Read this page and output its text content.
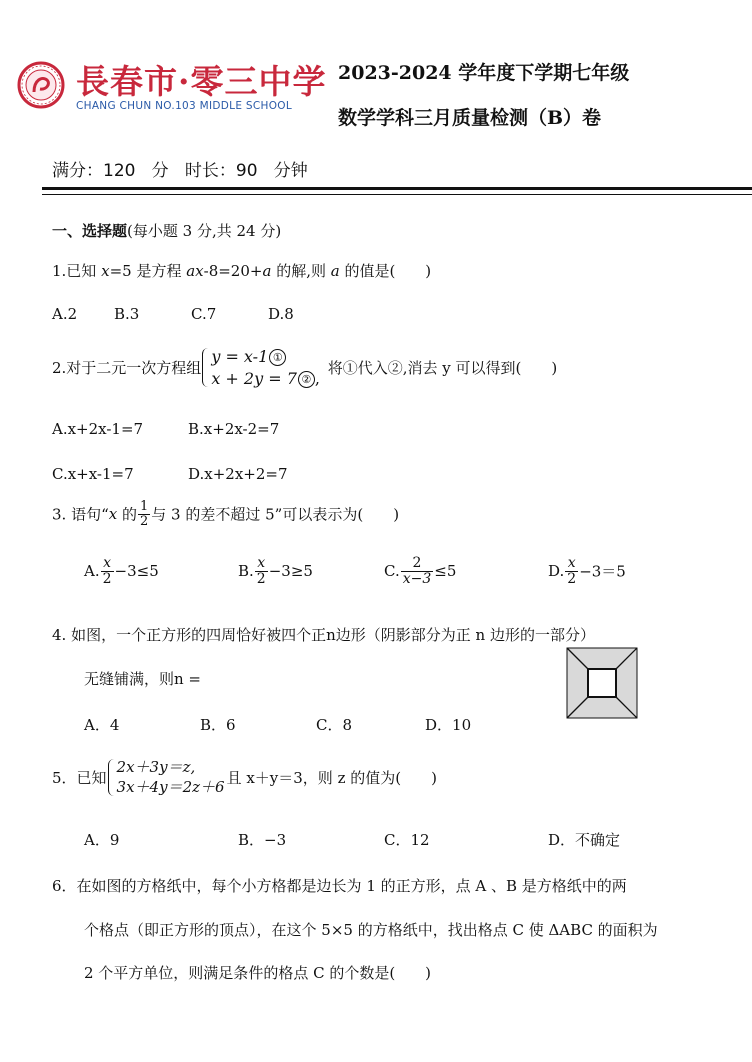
長春市·零三中学
CHANG CHUN NO.103 MIDDLE SCHOOL
2023-2024 学年度下学期七年级
数学学科三月质量检测（B）卷
满分：120 分 时长：90 分钟
一、选择题(每小题 3 分,共 24 分)
1.已知 x=5 是方程 ax-8=20+a 的解,则 a 的值是(　　)
A.2 B.3	C.7	D.8
2.对于二元一次方程组
y = x-1 ①
x + 2y = 7 ② ,
将①代入②,消去 y 可以得到(　　)
A.x+2x-1=7	B.x+2x-2=7
C.x+x-1=7	D.x+2x+2=7
3. 语句“x 的 $\frac{1}{2}$ 与 3 的差不超过 5”可以表示为(　　)
A. $\frac{x}{2} -3\le 5$	B. $\frac{x}{2} -3\ge 5$	C. $\frac{2}{x-3} \le 5$	D. $\frac{x}{2} -3=5$
4. 如图，一个正方形的四周恰好被四个正n边形（阴影部分为正 n 边形的一部分）
无缝铺满，则n =
A．4	B．6	C．8	D．10
5．已知
2x＋3y＝z,
3x＋4y＝2z＋6
且 x＋y＝3，则 z 的值为(　　)
A．9	B．−3	C．12	D．不确定
6．在如图的方格纸中，每个小方格都是边长为 1 的正方形，点 A 、B 是方格纸中的两
个格点（即正方形的顶点），在这个 5×5 的方格纸中，找出格点 C 使 ΔABC 的面积为
2 个平方单位，则满足条件的格点 C 的个数是(　　)
